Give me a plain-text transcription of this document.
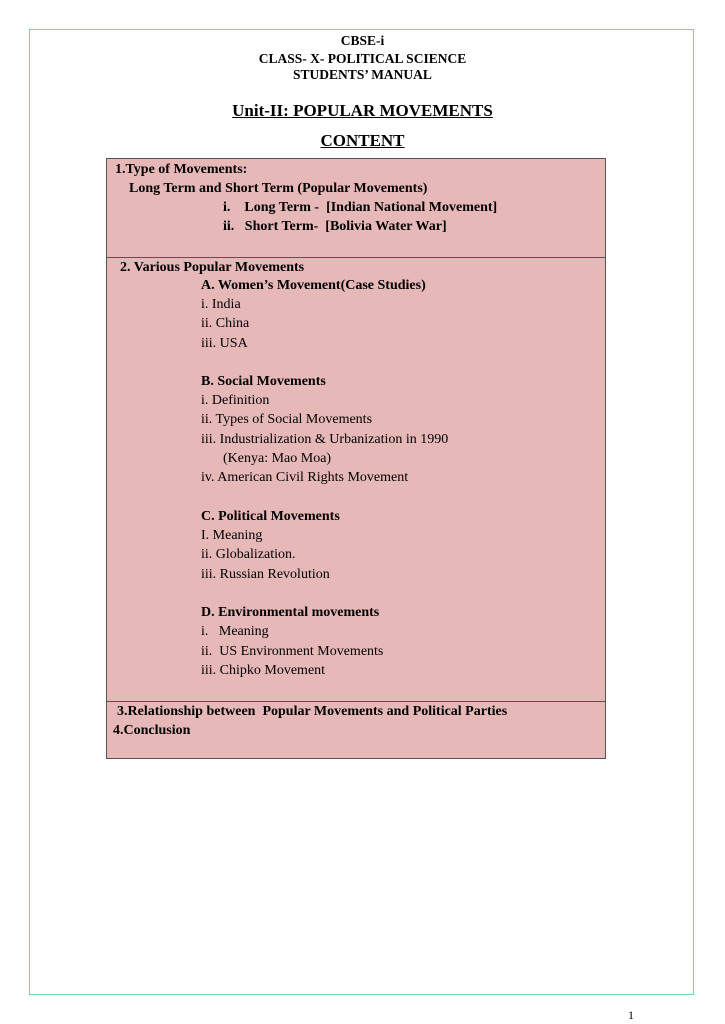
CBSE-i
CLASS- X- POLITICAL SCIENCE
STUDENTS’ MANUAL
Unit-II: POPULAR MOVEMENTS
CONTENT
1.Type of Movements:
Long Term and Short Term (Popular Movements)
i.    Long Term -  [Indian National Movement]
ii.   Short Term-  [Bolivia Water War]
2. Various Popular Movements
A. Women’s Movement(Case Studies)
i. India
ii. China
iii. USA
B. Social Movements
i. Definition
ii. Types of Social Movements
iii. Industrialization & Urbanization in 1990
(Kenya: Mao Moa)
iv. American Civil Rights Movement
C. Political Movements
I. Meaning
ii. Globalization.
iii. Russian Revolution
D. Environmental movements
i.   Meaning
ii.  US Environment Movements
iii. Chipko Movement
3.Relationship between  Popular Movements and Political Parties
4.Conclusion
1
